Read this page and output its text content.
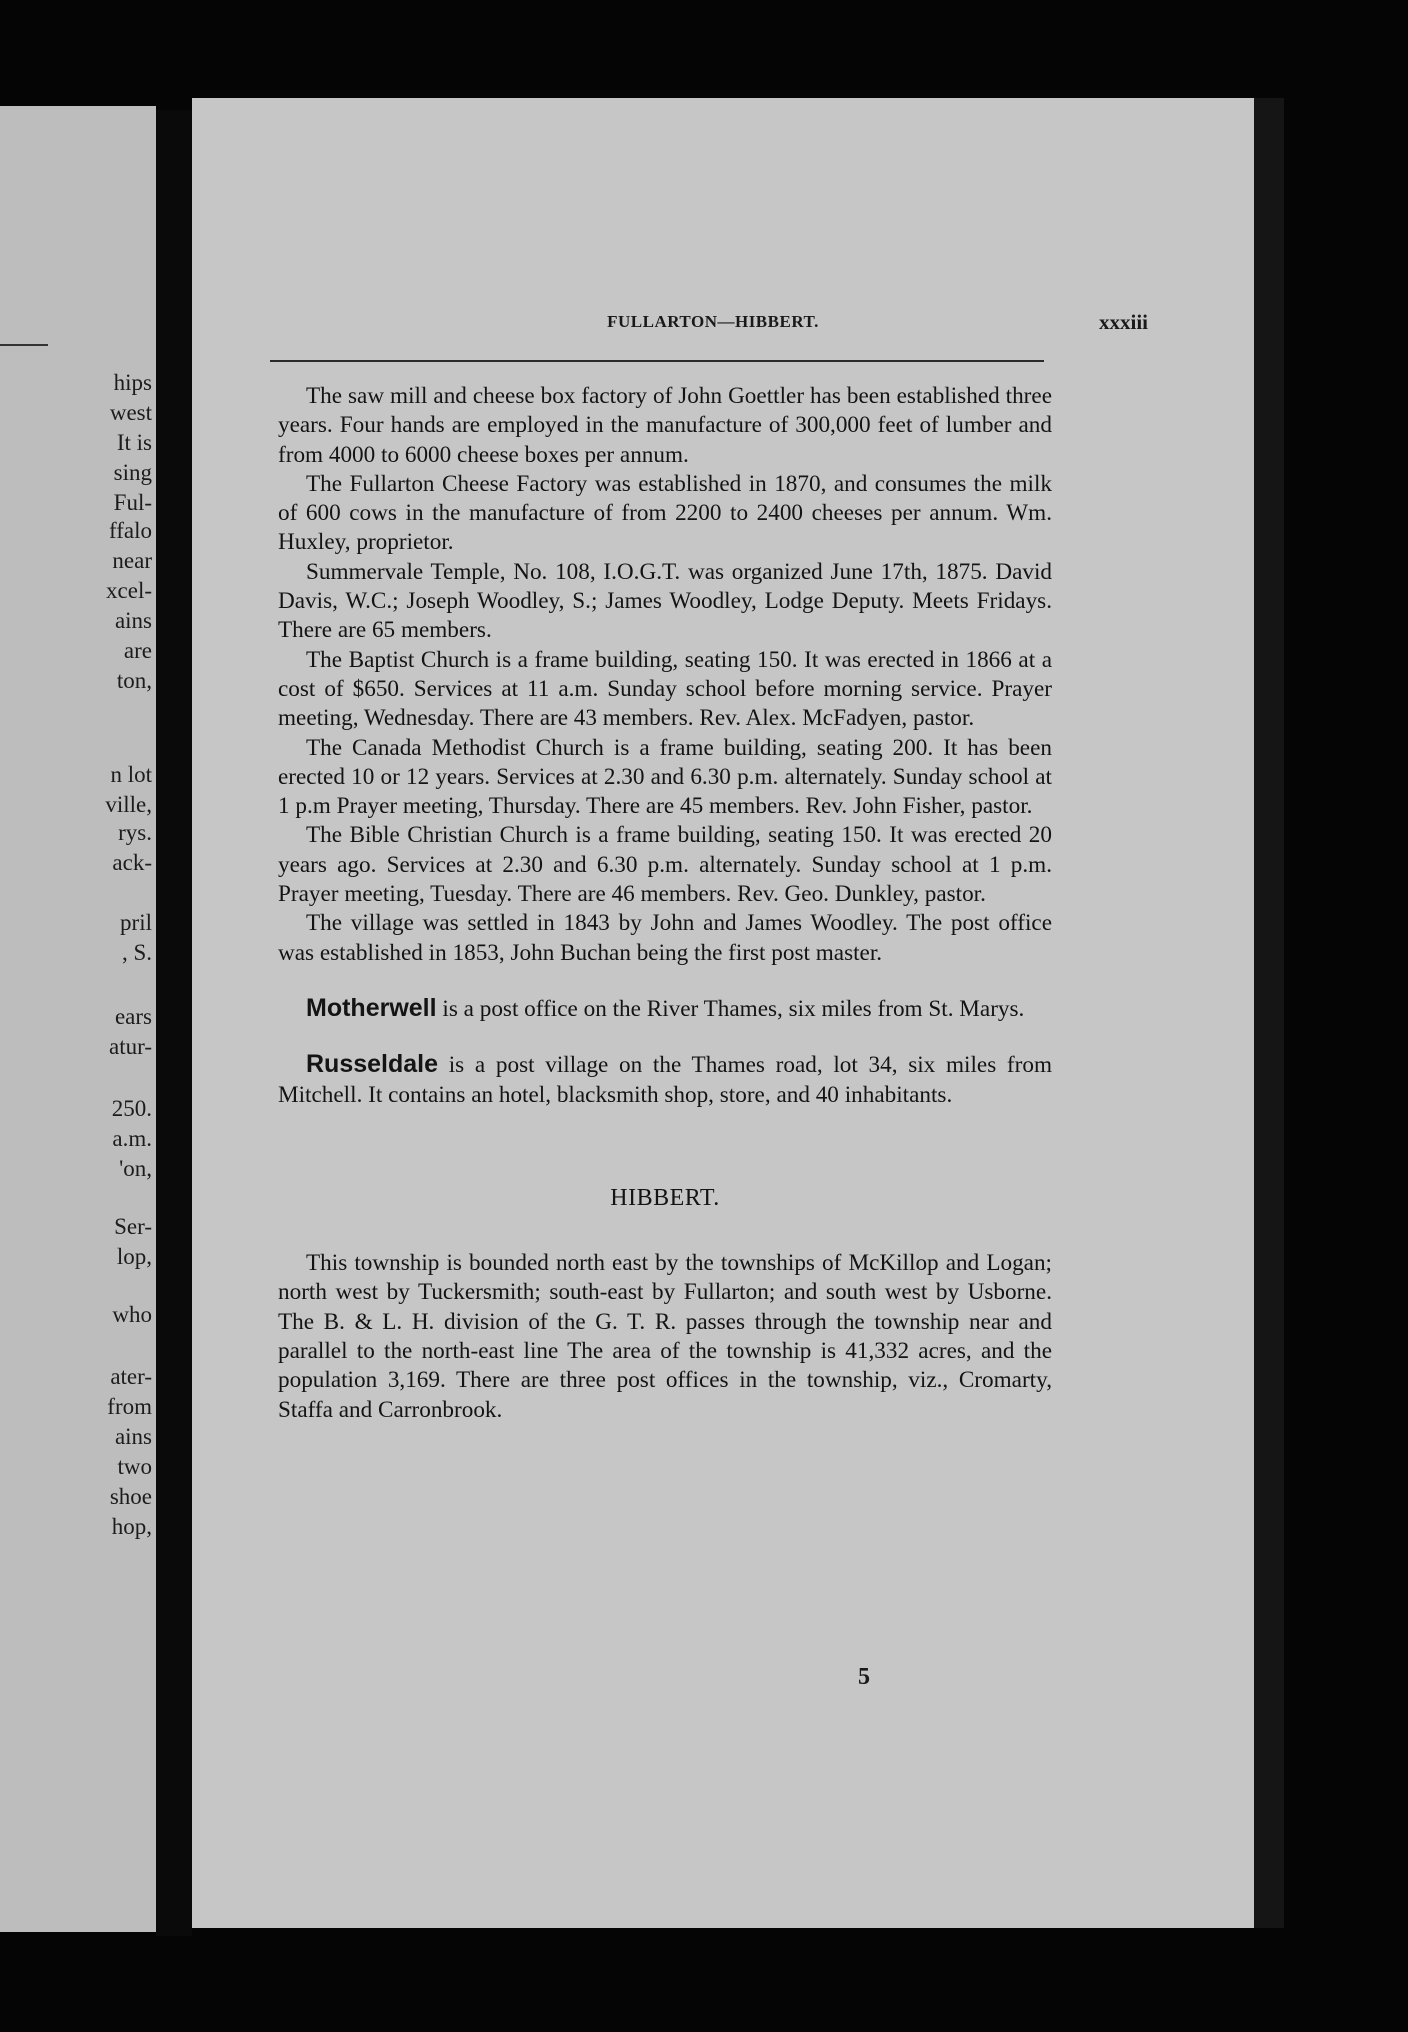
hips
west
It is
sing
Ful-
ffalo
near
xcel-
ains
are
ton,
n lot
ville,
rys.
ack-
pril
, S.
ears
atur-
250.
a.m.
'on,
Ser-
lop,
who
ater-
from
ains
two
shoe
hop,
FULLARTON—HIBBERT.	xxxiii

The saw mill and cheese box factory of John Goettler has been established three years. Four hands are employed in the manufacture of 300,000 feet of lumber and from 4000 to 6000 cheese boxes per annum.

The Fullarton Cheese Factory was established in 1870, and consumes the milk of 600 cows in the manufacture of from 2200 to 2400 cheeses per annum. Wm. Huxley, proprietor.

Summervale Temple, No. 108, I.O.G.T. was organized June 17th, 1875. David Davis, W.C.; Joseph Woodley, S.; James Woodley, Lodge Deputy. Meets Fridays. There are 65 members.

The Baptist Church is a frame building, seating 150. It was erected in 1866 at a cost of $650. Services at 11 a.m. Sunday school before morning service. Prayer meeting, Wednesday. There are 43 members. Rev. Alex. McFadyen, pastor.

The Canada Methodist Church is a frame building, seating 200. It has been erected 10 or 12 years. Services at 2.30 and 6.30 p.m. alternately. Sunday school at 1 p.m Prayer meeting, Thursday. There are 45 members. Rev. John Fisher, pastor.

The Bible Christian Church is a frame building, seating 150. It was erected 20 years ago. Services at 2.30 and 6.30 p.m. alternately. Sunday school at 1 p.m. Prayer meeting, Tuesday. There are 46 members. Rev. Geo. Dunkley, pastor.

The village was settled in 1843 by John and James Woodley. The post office was established in 1853, John Buchan being the first post master.

Motherwell is a post office on the River Thames, six miles from St. Marys.

Russeldale is a post village on the Thames road, lot 34, six miles from Mitchell. It contains an hotel, blacksmith shop, store, and 40 inhabitants.

HIBBERT.

This township is bounded north east by the townships of McKillop and Logan; north west by Tuckersmith; south-east by Fullarton; and south west by Usborne. The B. & L. H. division of the G. T. R. passes through the township near and parallel to the north-east line The area of the township is 41,332 acres, and the population 3,169. There are three post offices in the township, viz., Cromarty, Staffa and Carronbrook.

5
